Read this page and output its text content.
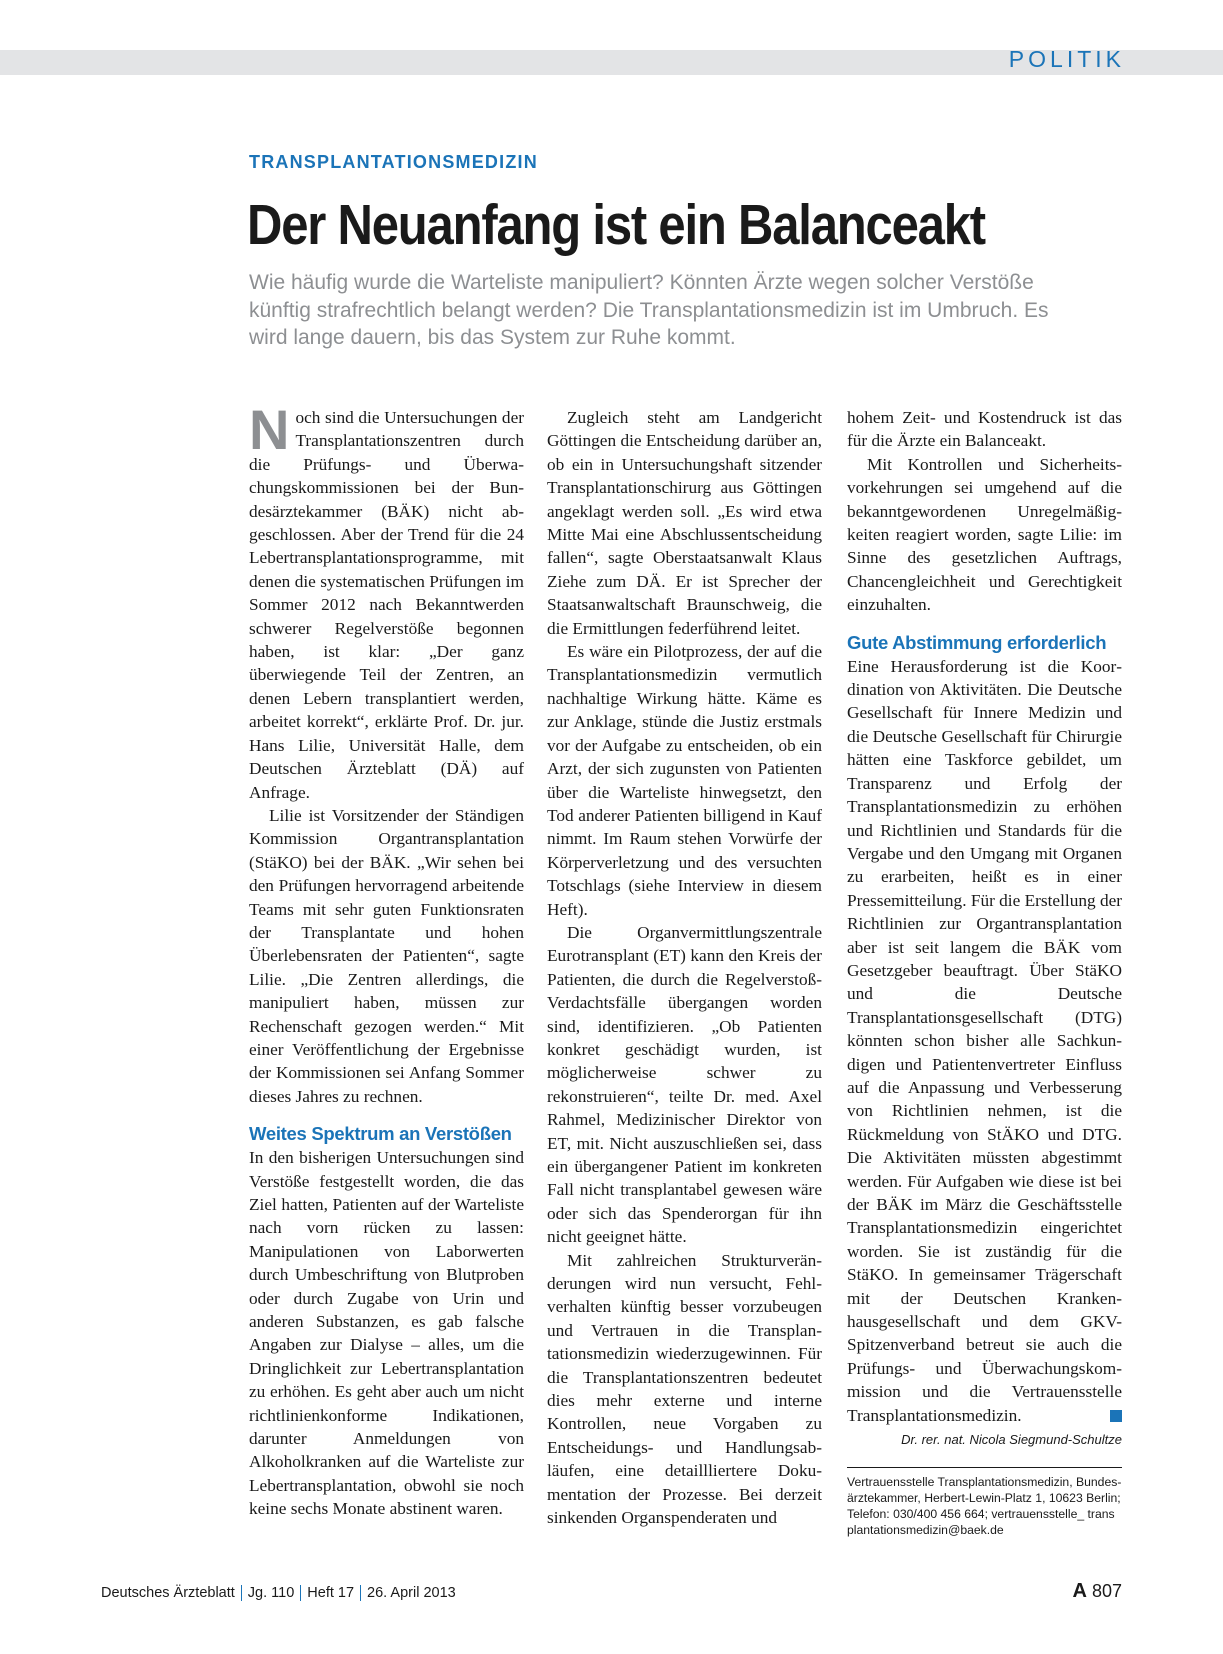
POLITIK
TRANSPLANTATIONSMEDIZIN
Der Neuanfang ist ein Balanceakt
Wie häufig wurde die Warteliste manipuliert? Könnten Ärzte wegen solcher Verstöße künftig strafrechtlich belangt werden? Die Transplantationsmedizin ist im Umbruch. Es wird lange dauern, bis das System zur Ruhe kommt.

Noch sind die Untersuchungen der Transplantationszentren durch die Prüfungs- und Überwachungskommissionen bei der Bundesärztekammer (BÄK) nicht abgeschlossen. Aber der Trend für die 24 Lebertransplantationsprogramme, mit denen die systematischen Prüfungen im Sommer 2012 nach Bekanntwerden schwerer Regelverstöße begonnen haben, ist klar: „Der ganz überwiegende Teil der Zentren, an denen Lebern transplantiert werden, arbeitet korrekt“, erklärte Prof. Dr. jur. Hans Lilie, Universität Halle, dem Deutschen Ärzteblatt (DÄ) auf Anfrage.

Lilie ist Vorsitzender der Ständigen Kommission Organtransplantation (StäKO) bei der BÄK. „Wir sehen bei den Prüfungen hervorragend arbeitende Teams mit sehr guten Funktionsraten der Transplantate und hohen Überlebensraten der Patienten“, sagte Lilie. „Die Zentren allerdings, die manipuliert haben, müssen zur Rechenschaft gezogen werden.“ Mit einer Veröffentlichung der Ergebnisse der Kommissionen sei Anfang Sommer dieses Jahres zu rechnen.

Weites Spektrum an Verstößen

In den bisherigen Untersuchungen sind Verstöße festgestellt worden, die das Ziel hatten, Patienten auf der Warteliste nach vorn rücken zu lassen: Manipulationen von Laborwerten durch Umbeschriftung von Blutproben oder durch Zugabe von Urin und anderen Substanzen, es gab falsche Angaben zur Dialyse – alles, um die Dringlichkeit zur Lebertransplantation zu erhöhen. Es geht aber auch um nicht richtlinienkonforme Indikationen, darunter Anmeldungen von Alkoholkranken auf die Warteliste zur Lebertransplantation, obwohl sie noch keine sechs Monate abstinent waren.

Zugleich steht am Landgericht Göttingen die Entscheidung darüber an, ob ein in Untersuchungshaft sitzender Transplantationschirurg aus Göttingen angeklagt werden soll. „Es wird etwa Mitte Mai eine Abschlussentscheidung fallen“, sagte Oberstaatsanwalt Klaus Ziehe zum DÄ. Er ist Sprecher der Staatsanwaltschaft Braunschweig, die die Ermittlungen federführend leitet.

Es wäre ein Pilotprozess, der auf die Transplantationsmedizin vermutlich nachhaltige Wirkung hätte. Käme es zur Anklage, stünde die Justiz erstmals vor der Aufgabe zu entscheiden, ob ein Arzt, der sich zugunsten von Patienten über die Warteliste hinwegsetzt, den Tod anderer Patienten billigend in Kauf nimmt. Im Raum stehen Vorwürfe der Körperverletzung und des versuchten Totschlags (siehe Interview in diesem Heft).

Die Organvermittlungszentrale Eurotransplant (ET) kann den Kreis der Patienten, die durch die Regelverstoß-Verdachtsfälle übergangen worden sind, identifizieren. „Ob Patienten konkret geschädigt wurden, ist möglicherweise schwer zu rekonstruieren“, teilte Dr. med. Axel Rahmel, Medizinischer Direktor von ET, mit. Nicht auszuschließen sei, dass ein übergangener Patient im konkreten Fall nicht transplantabel gewesen wäre oder sich das Spenderorgan für ihn nicht geeignet hätte.

Mit zahlreichen Strukturveränderungen wird nun versucht, Fehlverhalten künftig besser vorzubeugen und Vertrauen in die Transplantationsmedizin wiederzugewinnen. Für die Transplantationszentren bedeutet dies mehr externe und interne Kontrollen, neue Vorgaben zu Entscheidungs- und Handlungsabläufen, eine detaillliertere Dokumentation der Prozesse. Bei derzeit sinkenden Organspenderaten und

hohem Zeit- und Kostendruck ist das für die Ärzte ein Balanceakt.

Mit Kontrollen und Sicherheitsvorkehrungen sei umgehend auf die bekanntgewordenen Unregelmäßigkeiten reagiert worden, sagte Lilie: im Sinne des gesetzlichen Auftrags, Chancengleichheit und Gerechtigkeit einzuhalten.

Gute Abstimmung erforderlich

Eine Herausforderung ist die Koordination von Aktivitäten. Die Deutsche Gesellschaft für Innere Medizin und die Deutsche Gesellschaft für Chirurgie hätten eine Taskforce gebildet, um Transparenz und Erfolg der Transplantationsmedizin zu erhöhen und Richtlinien und Standards für die Vergabe und den Umgang mit Organen zu erarbeiten, heißt es in einer Pressemitteilung. Für die Erstellung der Richtlinien zur Organtransplantation aber ist seit langem die BÄK vom Gesetzgeber beauftragt. Über StäKO und die Deutsche Transplantationsgesellschaft (DTG) könnten schon bisher alle Sachkundigen und Patientenvertreter Einfluss auf die Anpassung und Verbesserung von Richtlinien nehmen, ist die Rückmeldung von StÄKO und DTG. Die Aktivitäten müssten abgestimmt werden. Für Aufgaben wie diese ist bei der BÄK im März die Geschäftsstelle Transplantationsmedizin eingerichtet worden. Sie ist zuständig für die StäKO. In gemeinsamer Trägerschaft mit der Deutschen Krankenhausgesellschaft und dem GKV-Spitzenverband betreut sie auch die Prüfungs- und Überwachungskommission und die Vertrauensstelle Transplantationsmedizin.

Dr. rer. nat. Nicola Siegmund-Schultze
Vertrauensstelle Transplantationsmedizin, Bundesärztekammer, Herbert-Lewin-Platz 1, 10623 Berlin; Telefon: 030/400 456 664; vertrauensstelle_ trans plantationsmedizin@baek.de
Deutsches Ärzteblatt Jg. 110 Heft 17 26. April 2013	A 807
